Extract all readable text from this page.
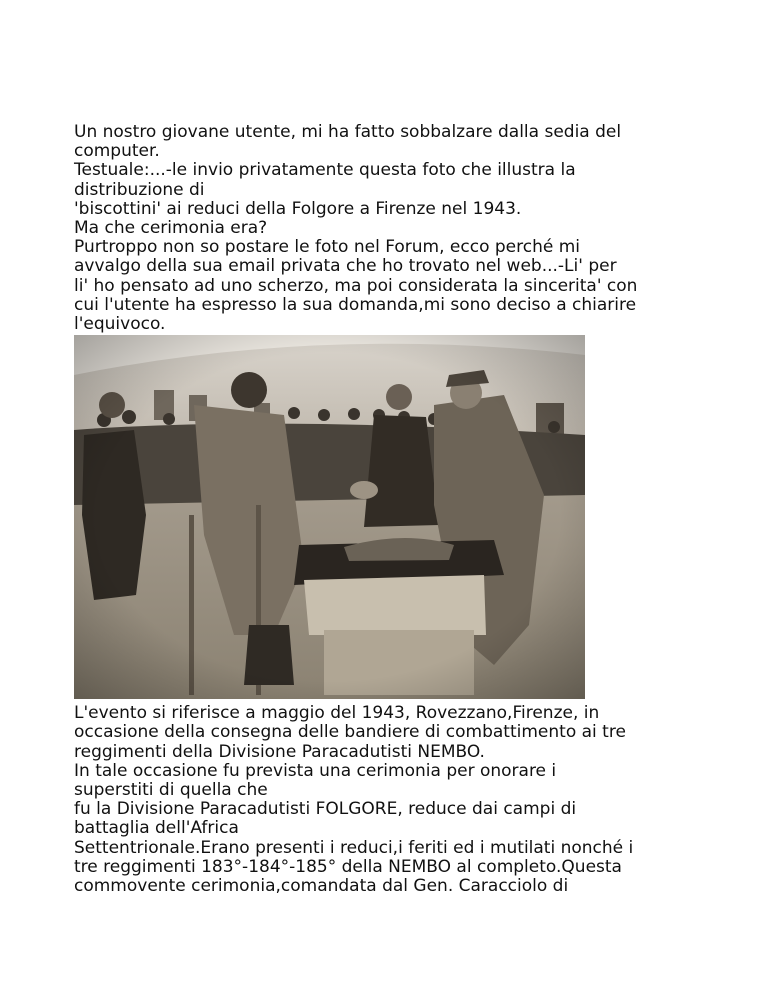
Un nostro giovane utente, mi ha fatto sobbalzare dalla sedia del

computer.

Testuale:...-le invio privatamente questa foto che illustra la

distribuzione di

'biscottini' ai reduci della Folgore a Firenze nel 1943.

Ma che cerimonia era?

Purtroppo non so postare le foto nel Forum, ecco perché mi

avvalgo della sua email privata che ho trovato nel web...-Li' per

li' ho pensato ad uno scherzo, ma poi considerata la sincerita' con

cui l'utente ha espresso la sua domanda,mi sono deciso a chiarire

l'equivoco.

L'evento si riferisce a maggio del 1943, Rovezzano,Firenze, in

occasione della consegna delle bandiere di combattimento ai tre

reggimenti della Divisione Paracadutisti NEMBO.

In tale occasione fu prevista una cerimonia per onorare i

superstiti di quella che

fu la Divisione Paracadutisti FOLGORE, reduce dai campi di

battaglia dell'Africa

Settentrionale.Erano presenti i reduci,i feriti ed i mutilati nonché i

tre reggimenti 183°-184°-185° della NEMBO al completo.Questa

commovente cerimonia,comandata dal Gen. Caracciolo di
